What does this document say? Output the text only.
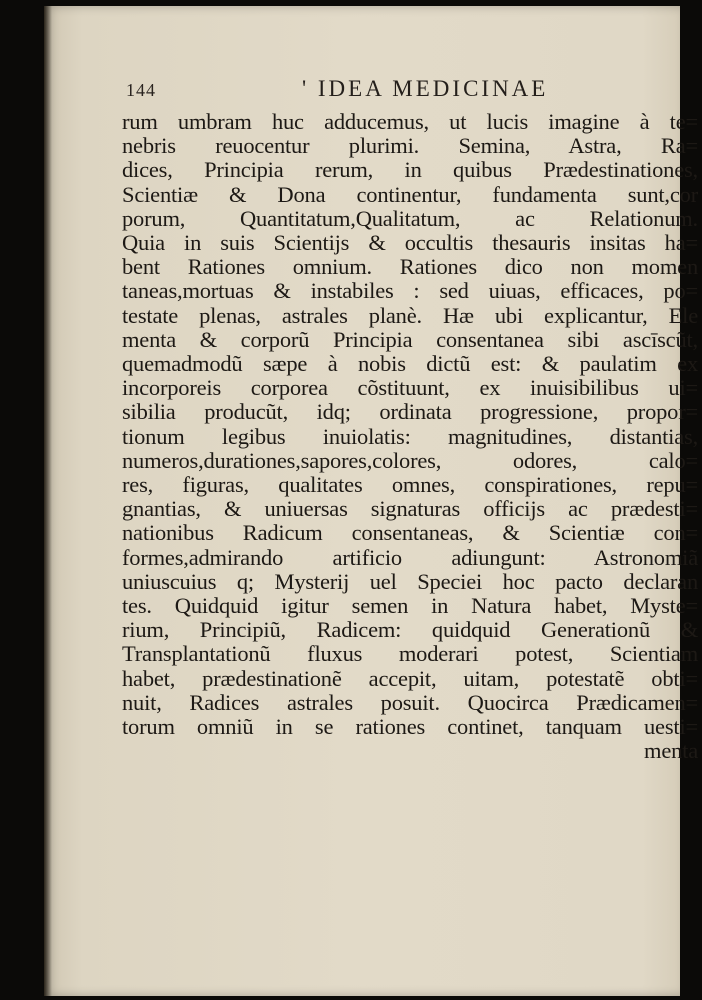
144	' IDEA MEDICINAE
rum umbram huc adducemus, ut lucis imagine à te=
nebris reuocentur plurimi. Semina, Astra, Ra=
dices, Principia rerum, in quibus Prædestinationes,
Scientiæ & Dona continentur, fundamenta sunt,cor
porum, Quantitatum,Qualitatum, ac Relationum.
Quia in suis Scientijs & occultis thesauris insitas ha=
bent Rationes omnium. Rationes dico non momen
taneas,mortuas & instabiles : sed uiuas, efficaces, po=
testate plenas, astrales planè. Hæ ubi explicantur, Ele
menta & corporũ Principia consentanea sibi ascīscũt,
quemadmodũ sæpe à nobis dictũ est: & paulatim ex
incorporeis corporea cõstituunt, ex inuisibilibus ui=
sibilia producũt, idq; ordinata progressione, propor=
tionum legibus inuiolatis: magnitudines, distantias,
numeros,durationes,sapores,colores, odores, calo=
res, figuras, qualitates omnes, conspirationes, repu=
gnantias, & uniuersas signaturas officijs ac prædesti=
nationibus Radicum consentaneas, & Scientiæ con=
formes,admirando artificio adiungunt: Astronomiã
uniuscuius q; Mysterij uel Speciei hoc pacto declaran
tes. Quidquid igitur semen in Natura habet, Myste=
rium, Principiũ, Radicem: quidquid Generationũ &
Transplantationũ fluxus moderari potest, Scientiam
habet, prædestinationẽ accepit, uitam, potestatẽ obti=
nuit, Radices astrales posuit. Quocirca Prædicamen=
torum omniũ in se rationes continet, tanquam uesti=
menta
